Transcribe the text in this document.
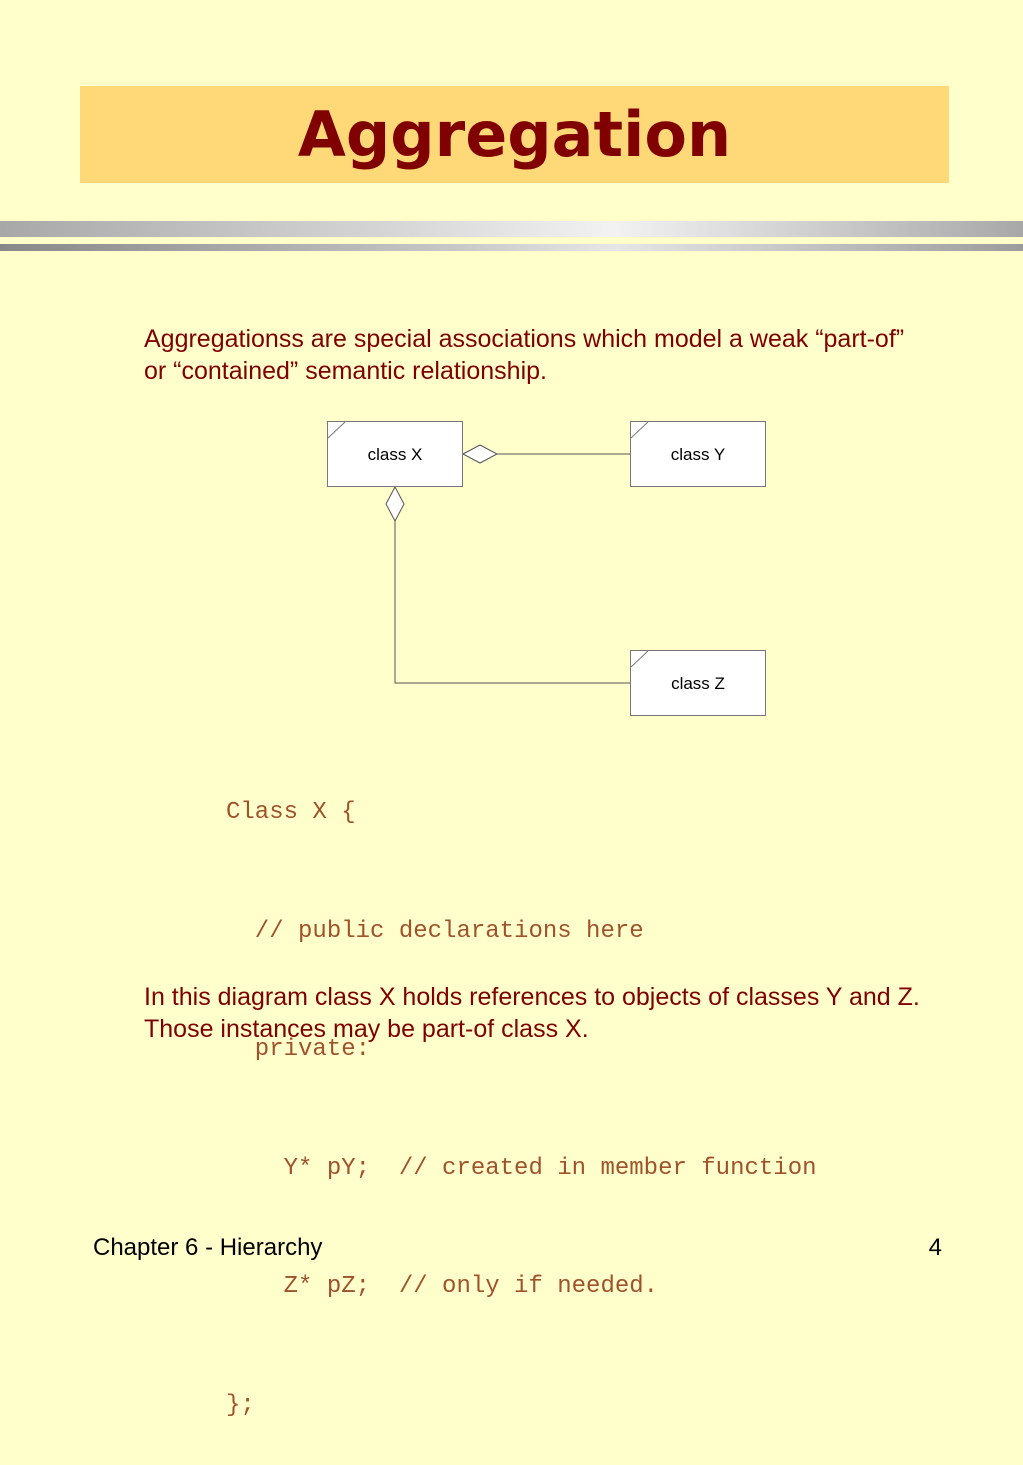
Aggregation

Aggregationss are special associations which model a weak “part-of” or “contained” semantic relationship.

class X	class Y
class Z

Class X {

// public declarations here

private:

Y* pY;  // created in member function

Z* pZ;  // only if needed.

};

In this diagram class X holds references to objects of classes Y and Z. Those instances may be part-of class X.

Chapter 6 - Hierarchy	4
